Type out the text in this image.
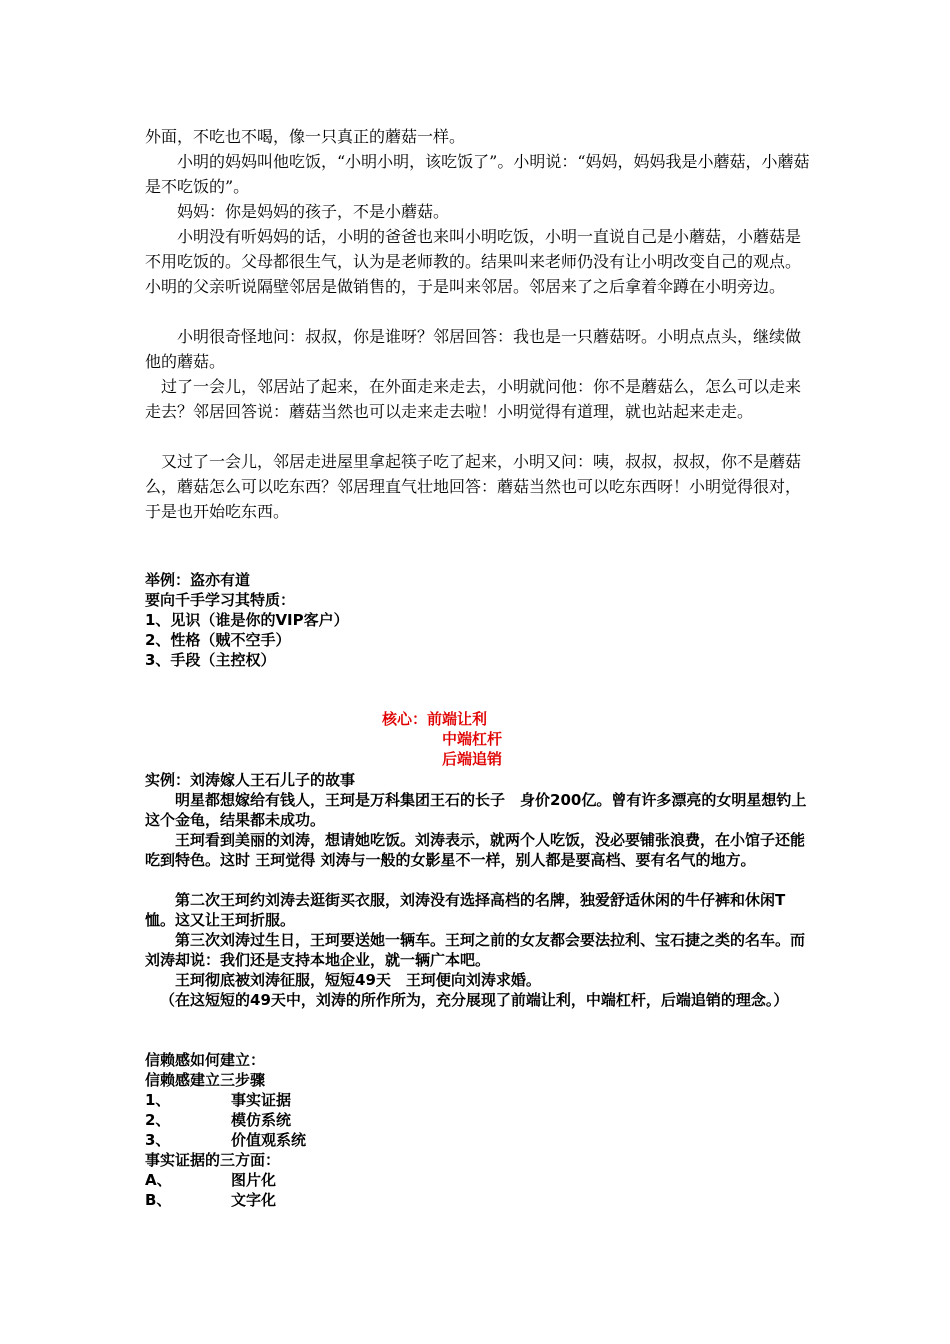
外面，不吃也不喝，像一只真正的蘑菇一样。

小明的妈妈叫他吃饭，“小明小明，该吃饭了”。小明说：“妈妈，妈妈我是小蘑菇，小蘑菇是不吃饭的”。

妈妈：你是妈妈的孩子，不是小蘑菇。

小明没有听妈妈的话，小明的爸爸也来叫小明吃饭，小明一直说自己是小蘑菇，小蘑菇是不用吃饭的。父母都很生气，认为是老师教的。结果叫来老师仍没有让小明改变自己的观点。小明的父亲听说隔壁邻居是做销售的，于是叫来邻居。邻居来了之后拿着伞蹲在小明旁边。

小明很奇怪地问：叔叔，你是谁呀？邻居回答：我也是一只蘑菇呀。小明点点头，继续做他的蘑菇。

过了一会儿，邻居站了起来，在外面走来走去，小明就问他：你不是蘑菇么，怎么可以走来走去？邻居回答说：蘑菇当然也可以走来走去啦！小明觉得有道理，就也站起来走走。

又过了一会儿，邻居走进屋里拿起筷子吃了起来，小明又问：咦，叔叔，叔叔，你不是蘑菇么，蘑菇怎么可以吃东西？邻居理直气壮地回答：蘑菇当然也可以吃东西呀！小明觉得很对，于是也开始吃东西。

举例：盗亦有道

要向千手学习其特质：

1、见识（谁是你的VIP客户）

2、性格（贼不空手）

3、手段（主控权）

核心：前端让利

中端杠杆

后端追销

实例：刘涛嫁人王石儿子的故事

明星都想嫁给有钱人，王珂是万科集团王石的长子　身价200亿。曾有许多漂亮的女明星想钓上这个金龟，结果都未成功。

王珂看到美丽的刘涛，想请她吃饭。刘涛表示，就两个人吃饭，没必要铺张浪费，在小馆子还能吃到特色。这时 王珂觉得 刘涛与一般的女影星不一样，别人都是要高档、要有名气的地方。

第二次王珂约刘涛去逛街买衣服，刘涛没有选择高档的名牌，独爱舒适休闲的牛仔裤和休闲T恤。这又让王珂折服。

第三次刘涛过生日，王珂要送她一辆车。王珂之前的女友都会要法拉利、宝石捷之类的名车。而刘涛却说：我们还是支持本地企业，就一辆广本吧。

王珂彻底被刘涛征服，短短49天　王珂便向刘涛求婚。

（在这短短的49天中，刘涛的所作所为，充分展现了前端让利，中端杠杆，后端追销的理念。）

信赖感如何建立：

信赖感建立三步骤

1、	事实证据
2、	模仿系统
3、	价值观系统

事实证据的三方面：

A、	图片化
B、	文字化
